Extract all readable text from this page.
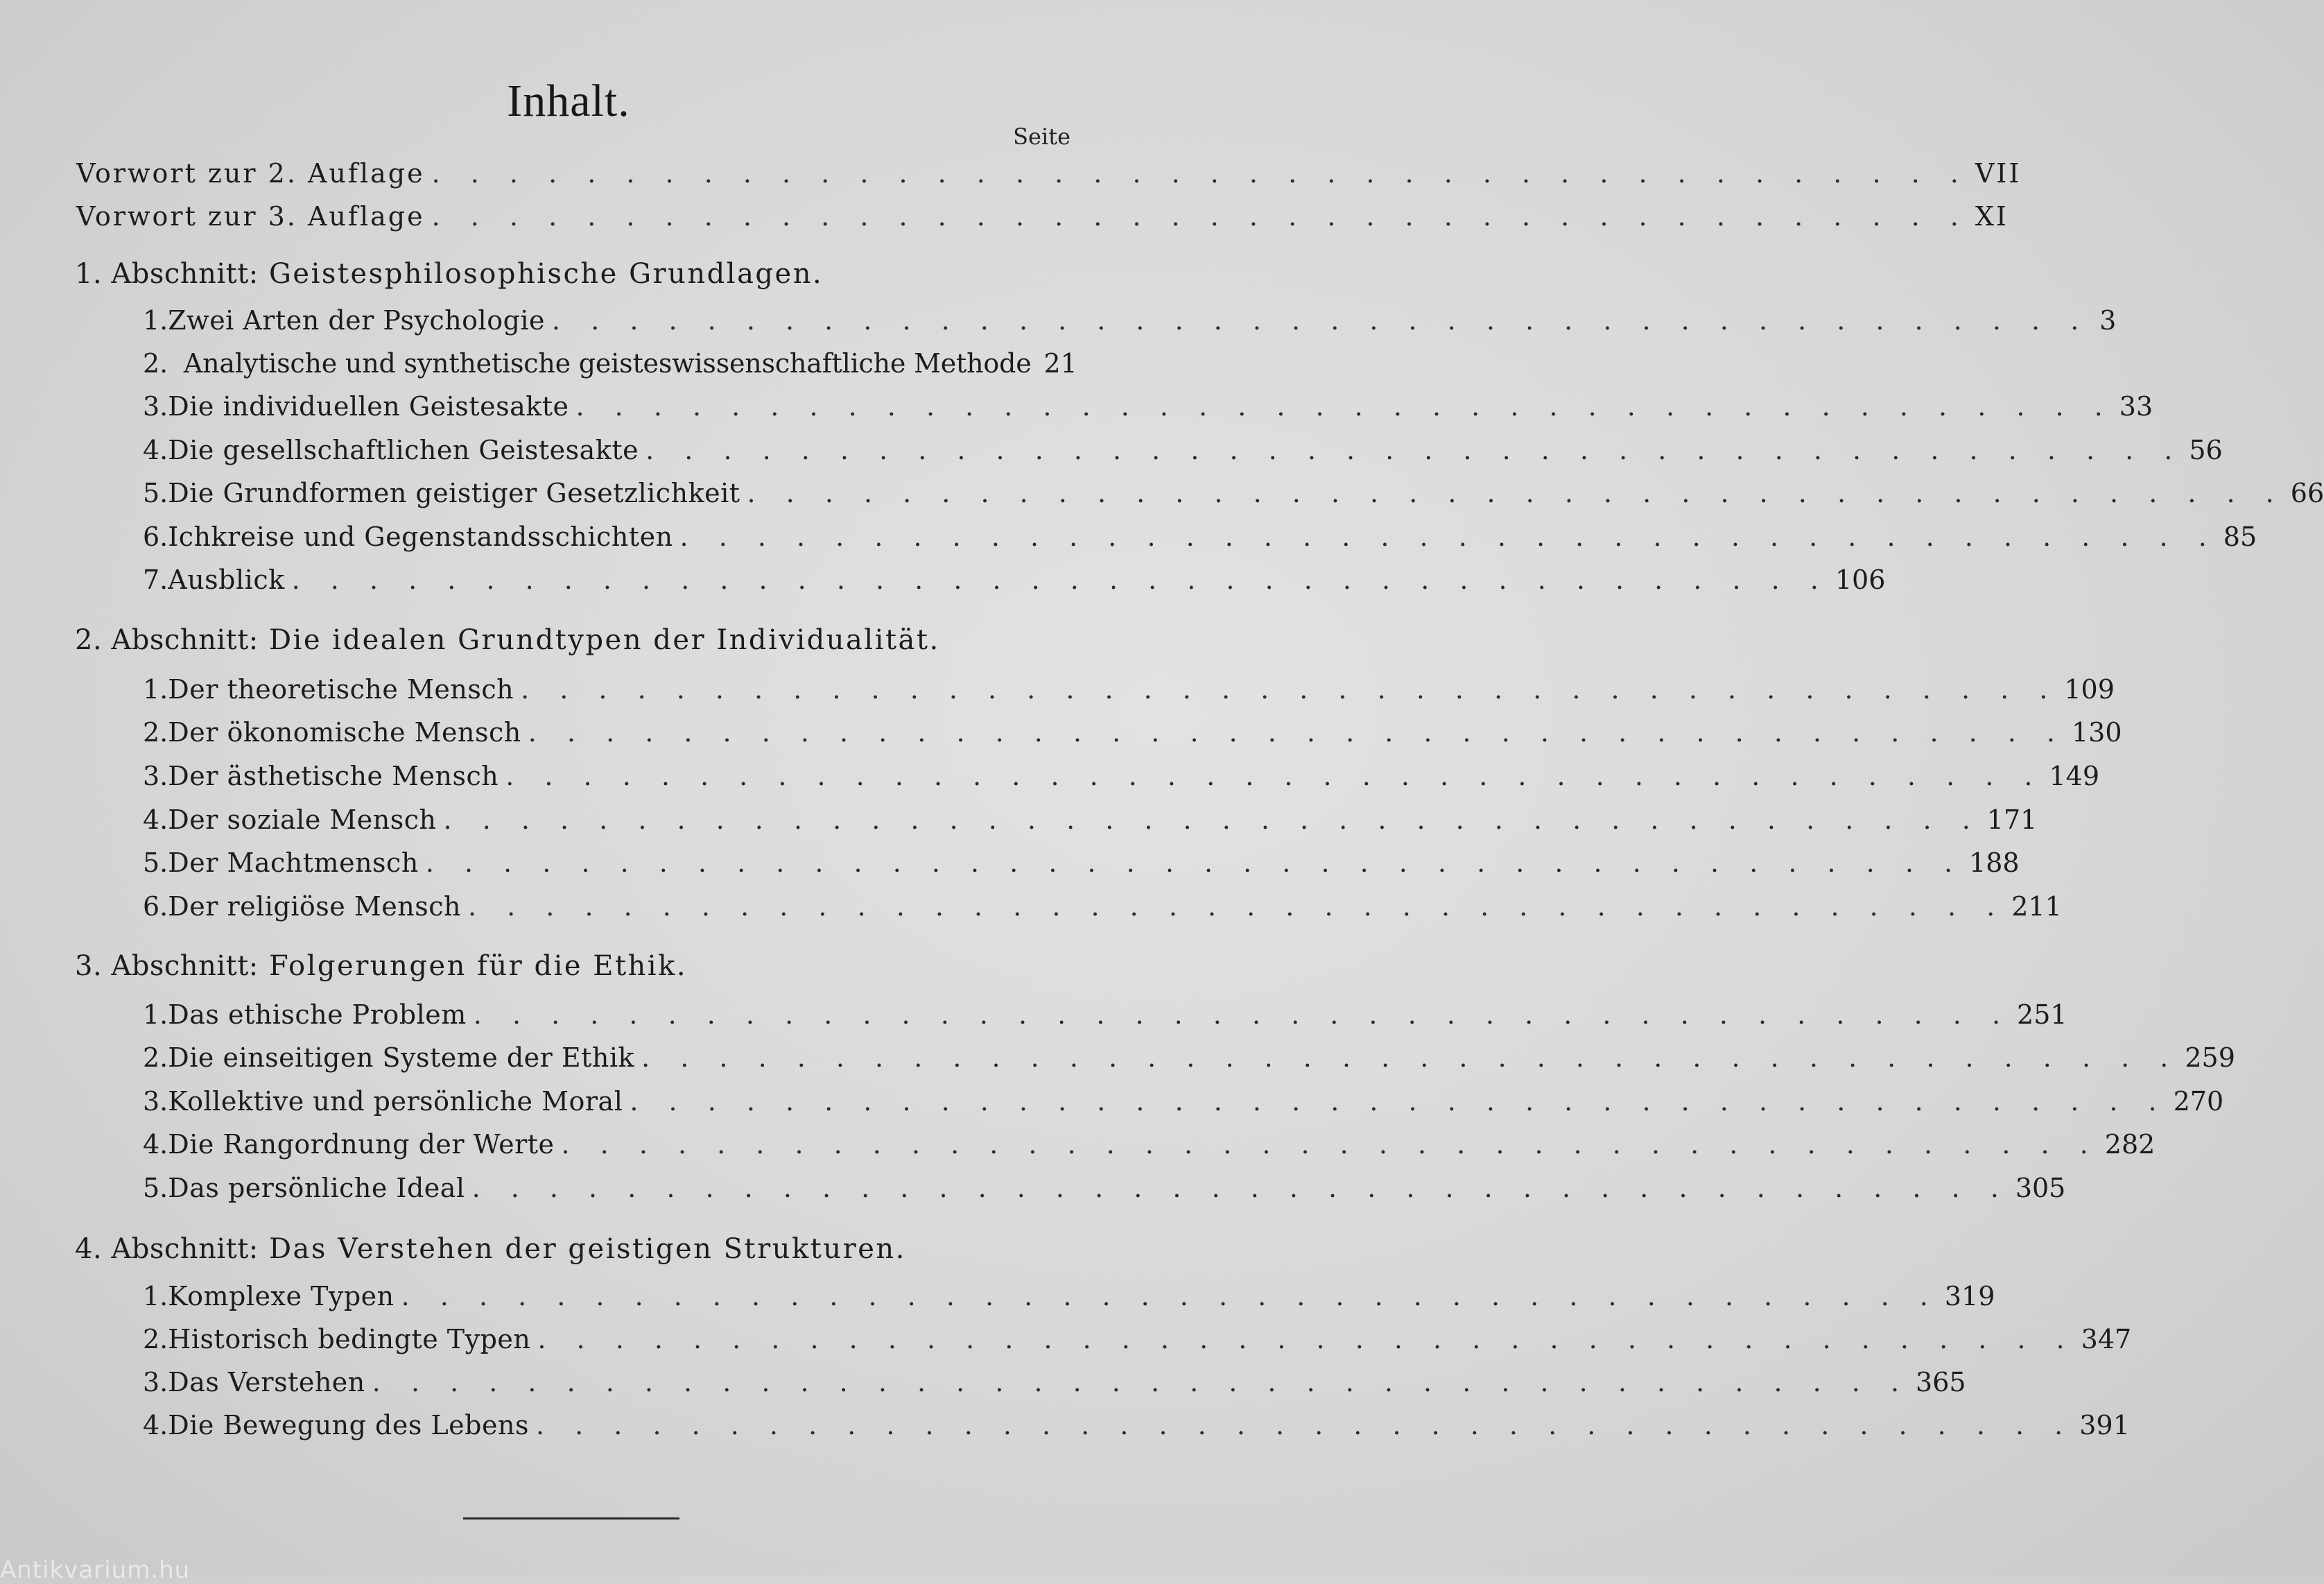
Inhalt.
Seite
Vorwort zur 2. Auflage . . . . . . . . . . . . . . . . . . . . . . . . . . . . . . . . . . . . . . . . VII
Vorwort zur 3. Auflage . . . . . . . . . . . . . . . . . . . . . . . . . . . . . . . . . . . . . . . . XI
1. Abschnitt: Geistesphilosophische Grundlagen.
1. Zwei Arten der Psychologie . . . . . . . . . . . . . . . . . . . . . . . . . . . . . . . . . . . . . . . . 3
2. Analytische und synthetische geisteswissenschaftliche Methode 21
3. Die individuellen Geistesakte . . . . . . . . . . . . . . . . . . . . . . . . . . . . . . . . . . . . . . . . 33
4. Die gesellschaftlichen Geistesakte . . . . . . . . . . . . . . . . . . . . . . . . . . . . . . . . . . . . . . . . 56
5. Die Grundformen geistiger Gesetzlichkeit . . . . . . . . . . . . . . . . . . . . . . . . . . . . . . . . . . . . . . . . 66
6. Ichkreise und Gegenstandsschichten . . . . . . . . . . . . . . . . . . . . . . . . . . . . . . . . . . . . . . . . 85
7. Ausblick . . . . . . . . . . . . . . . . . . . . . . . . . . . . . . . . . . . . . . . . 106
2. Abschnitt: Die idealen Grundtypen der Individualität.
1. Der theoretische Mensch . . . . . . . . . . . . . . . . . . . . . . . . . . . . . . . . . . . . . . . . 109
2. Der ökonomische Mensch . . . . . . . . . . . . . . . . . . . . . . . . . . . . . . . . . . . . . . . . 130
3. Der ästhetische Mensch . . . . . . . . . . . . . . . . . . . . . . . . . . . . . . . . . . . . . . . . 149
4. Der soziale Mensch . . . . . . . . . . . . . . . . . . . . . . . . . . . . . . . . . . . . . . . . 171
5. Der Machtmensch . . . . . . . . . . . . . . . . . . . . . . . . . . . . . . . . . . . . . . . . 188
6. Der religiöse Mensch . . . . . . . . . . . . . . . . . . . . . . . . . . . . . . . . . . . . . . . . 211
3. Abschnitt: Folgerungen für die Ethik.
1. Das ethische Problem . . . . . . . . . . . . . . . . . . . . . . . . . . . . . . . . . . . . . . . . 251
2. Die einseitigen Systeme der Ethik . . . . . . . . . . . . . . . . . . . . . . . . . . . . . . . . . . . . . . . . 259
3. Kollektive und persönliche Moral . . . . . . . . . . . . . . . . . . . . . . . . . . . . . . . . . . . . . . . . 270
4. Die Rangordnung der Werte . . . . . . . . . . . . . . . . . . . . . . . . . . . . . . . . . . . . . . . . 282
5. Das persönliche Ideal . . . . . . . . . . . . . . . . . . . . . . . . . . . . . . . . . . . . . . . . 305
4. Abschnitt: Das Verstehen der geistigen Strukturen.
1. Komplexe Typen . . . . . . . . . . . . . . . . . . . . . . . . . . . . . . . . . . . . . . . . 319
2. Historisch bedingte Typen . . . . . . . . . . . . . . . . . . . . . . . . . . . . . . . . . . . . . . . . 347
3. Das Verstehen . . . . . . . . . . . . . . . . . . . . . . . . . . . . . . . . . . . . . . . . 365
4. Die Bewegung des Lebens . . . . . . . . . . . . . . . . . . . . . . . . . . . . . . . . . . . . . . . . 391
Antikvarium.hu
